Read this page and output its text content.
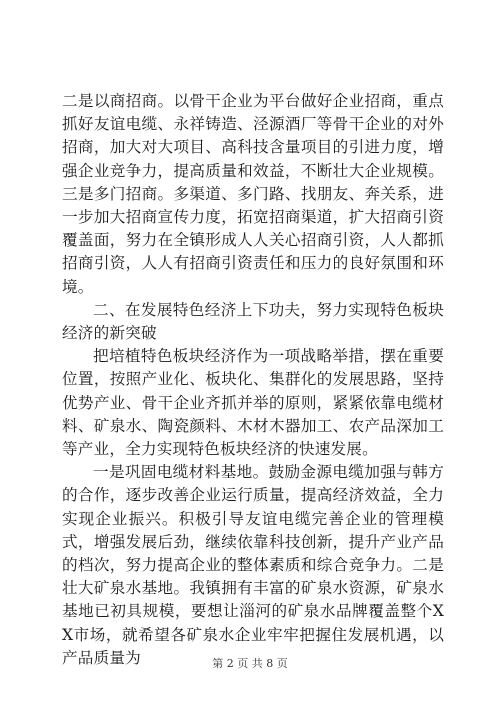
二是以商招商。以骨干企业为平台做好企业招商，重点抓好友谊电缆、永祥铸造、泾源酒厂等骨干企业的对外招商，加大对大项目、高科技含量项目的引进力度，增强企业竞争力，提高质量和效益，不断壮大企业规模。三是多门招商。多渠道、多门路、找朋友、奔关系，进一步加大招商宣传力度，拓宽招商渠道，扩大招商引资覆盖面，努力在全镇形成人人关心招商引资，人人都抓招商引资，人人有招商引资责任和压力的良好氛围和环境。

二、在发展特色经济上下功夫，努力实现特色板块经济的新突破

把培植特色板块经济作为一项战略举措，摆在重要位置，按照产业化、板块化、集群化的发展思路，坚持优势产业、骨干企业齐抓并举的原则，紧紧依靠电缆材料、矿泉水、陶瓷颜料、木材木器加工、农产品深加工等产业，全力实现特色板块经济的快速发展。

一是巩固电缆材料基地。鼓励金源电缆加强与韩方的合作，逐步改善企业运行质量，提高经济效益，全力实现企业振兴。积极引导友谊电缆完善企业的管理模式，增强发展后劲，继续依靠科技创新，提升产业产品的档次，努力提高企业的整体素质和综合竞争力。二是壮大矿泉水基地。我镇拥有丰富的矿泉水资源，矿泉水基地已初具规模，要想让淄河的矿泉水品牌覆盖整个XX市场，就希望各矿泉水企业牢牢把握住发展机遇，以产品质量为	第 2 页 共 8 页
